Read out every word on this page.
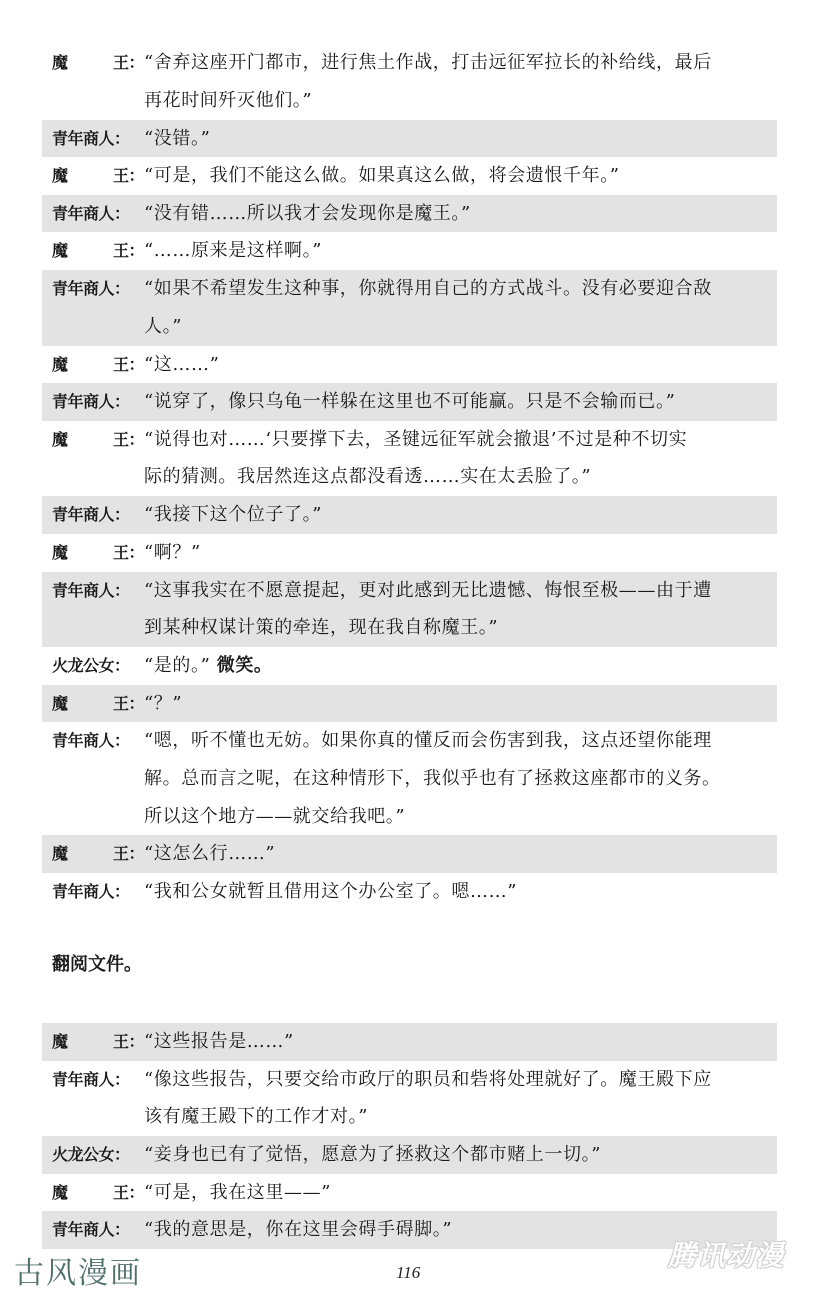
魔	王： “舍弃这座开门都市，进行焦土作战，打击远征军拉长的补给线，最后
再花时间歼灭他们。”
青年商人： “没错。”
魔	王： “可是，我们不能这么做。如果真这么做，将会遗恨千年。”
青年商人： “没有错……所以我才会发现你是魔王。”
魔	王： “……原来是这样啊。”
青年商人： “如果不希望发生这种事，你就得用自己的方式战斗。没有必要迎合敌
人。”
魔	王： “这……”
青年商人： “说穿了，像只乌龟一样躲在这里也不可能赢。只是不会输而已。”
魔	王： “说得也对……‘只要撑下去，圣键远征军就会撤退’不过是种不切实
际的猜测。我居然连这点都没看透……实在太丢脸了。”
青年商人： “我接下这个位子了。”
魔	王： “啊？”
青年商人： “这事我实在不愿意提起，更对此感到无比遗憾、悔恨至极——由于遭
到某种权谋计策的牵连，现在我自称魔王。”
火龙公女： “是的。” 微笑。
魔	王： “？”
青年商人： “嗯，听不懂也无妨。如果你真的懂反而会伤害到我，这点还望你能理
解。总而言之呢，在这种情形下，我似乎也有了拯救这座都市的义务。
所以这个地方——就交给我吧。”
魔	王： “这怎么行……”
青年商人： “我和公女就暂且借用这个办公室了。嗯……”
翻阅文件。
魔	王： “这些报告是……”
青年商人： “像这些报告，只要交给市政厅的职员和砦将处理就好了。魔王殿下应
该有魔王殿下的工作才对。”
火龙公女： “妾身也已有了觉悟，愿意为了拯救这个都市赌上一切。”
魔	王： “可是，我在这里——”
青年商人： “我的意思是，你在这里会碍手碍脚。”
古风漫画	116
腾讯动漫
